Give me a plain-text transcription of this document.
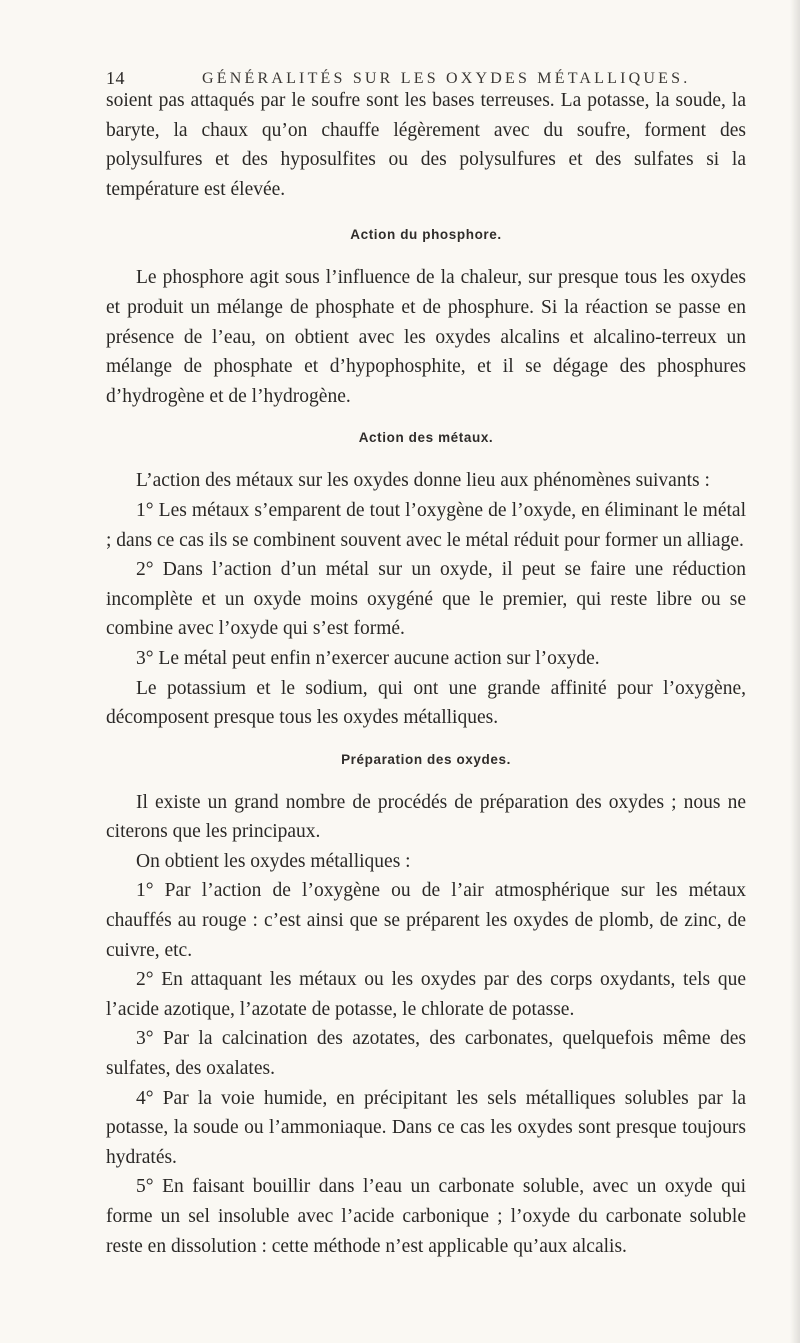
14	GÉNÉRALITÉS SUR LES OXYDES MÉTALLIQUES.

soient pas attaqués par le soufre sont les bases terreuses. La potasse, la soude, la baryte, la chaux qu’on chauffe légèrement avec du soufre, forment des polysulfures et des hyposulfites ou des polysulfures et des sulfates si la température est élevée.

Action du phosphore.

Le phosphore agit sous l’influence de la chaleur, sur presque tous les oxydes et produit un mélange de phosphate et de phosphure. Si la réaction se passe en présence de l’eau, on obtient avec les oxydes alcalins et alcalino-terreux un mélange de phosphate et d’hypophosphite, et il se dégage des phosphures d’hydrogène et de l’hydrogène.

Action des métaux.

L’action des métaux sur les oxydes donne lieu aux phénomènes suivants :

1° Les métaux s’emparent de tout l’oxygène de l’oxyde, en éliminant le métal ; dans ce cas ils se combinent souvent avec le métal réduit pour former un alliage.

2° Dans l’action d’un métal sur un oxyde, il peut se faire une réduction incomplète et un oxyde moins oxygéné que le premier, qui reste libre ou se combine avec l’oxyde qui s’est formé.

3° Le métal peut enfin n’exercer aucune action sur l’oxyde.

Le potassium et le sodium, qui ont une grande affinité pour l’oxygène, décomposent presque tous les oxydes métalliques.

Préparation des oxydes.

Il existe un grand nombre de procédés de préparation des oxydes ; nous ne citerons que les principaux.

On obtient les oxydes métalliques :

1° Par l’action de l’oxygène ou de l’air atmosphérique sur les métaux chauffés au rouge : c’est ainsi que se préparent les oxydes de plomb, de zinc, de cuivre, etc.

2° En attaquant les métaux ou les oxydes par des corps oxydants, tels que l’acide azotique, l’azotate de potasse, le chlorate de potasse.

3° Par la calcination des azotates, des carbonates, quelquefois même des sulfates, des oxalates.

4° Par la voie humide, en précipitant les sels métalliques solubles par la potasse, la soude ou l’ammoniaque. Dans ce cas les oxydes sont presque toujours hydratés.

5° En faisant bouillir dans l’eau un carbonate soluble, avec un oxyde qui forme un sel insoluble avec l’acide carbonique ; l’oxyde du carbonate soluble reste en dissolution : cette méthode n’est applicable qu’aux alcalis.
